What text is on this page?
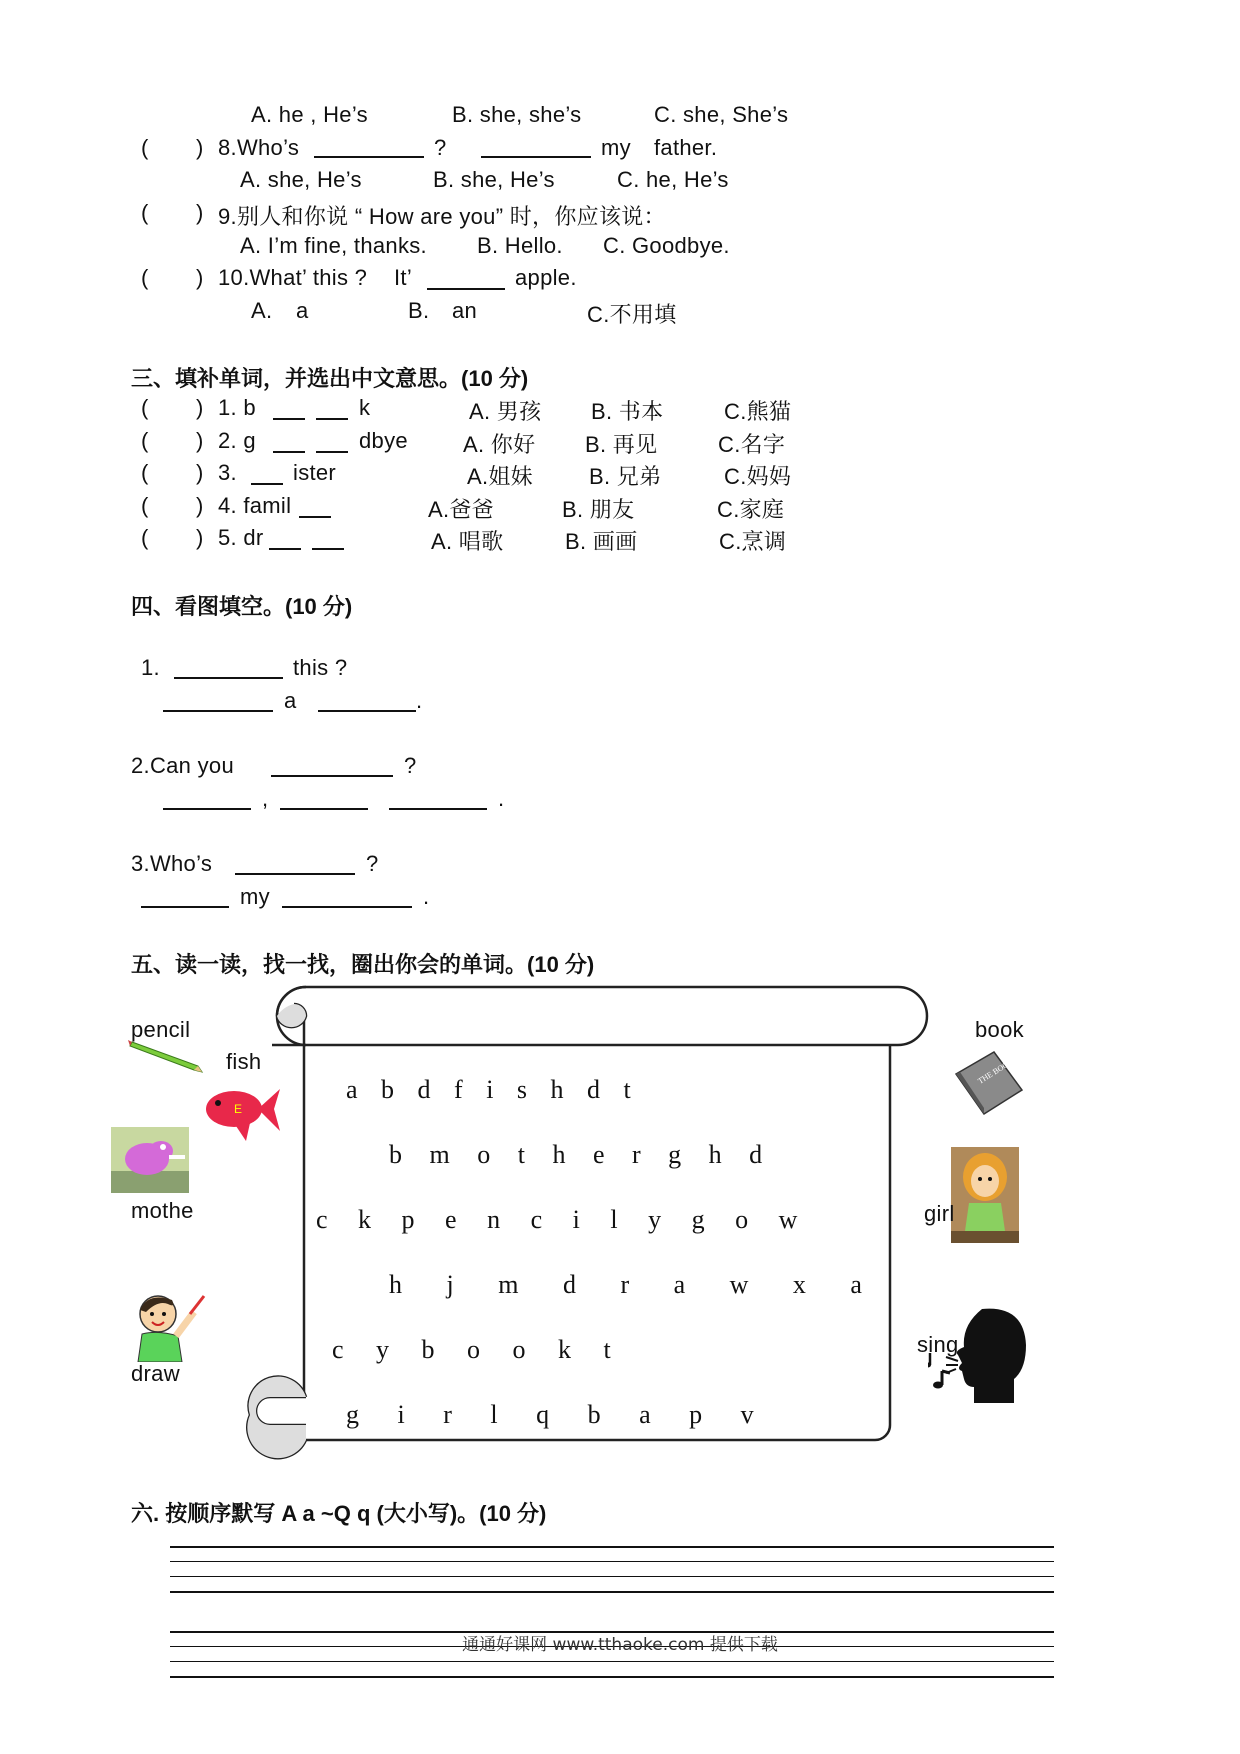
A. he , He’s	B. she, she’s	C. she, She’s
( ) 8.Who’s	?	my father.
A. she, He’s	B. she, He’s	C. he, He’s
( ) 9.别人和你说 “ How are you” 时，你应该说：
A. I’m fine, thanks. B. Hello. C. Goodbye.
( ) 10.What’ this ? It’	apple.
A. a	B. an	C.不用填
三、填补单词，并选出中文意思。(10 分)
( ) 1. b	k	A. 男孩 B. 书本	C.熊猫
( ) 2. g	dbye	A. 你好 B. 再见	C.名字
( ) 3.	ister	A.姐妹	B. 兄弟	C.妈妈
( ) 4. famil	A.爸爸	B. 朋友	C.家庭
( ) 5. dr	A. 唱歌	B. 画画	C.烹调
四、看图填空。(10 分)
1.	this ?
a	.
2.Can you	?
,	.
3.Who’s	?
my	.
五、读一读，找一找，圈出你会的单词。(10 分)
a b d f i s h d t
b m o t h e r g h d
c k p e n c i l y g o w
h j m d r a w x a
c y b o o k t
g i r l q b a p v
pencil
fish
E
mothe
draw
book
THE BOOK
girl
sing
六. 按顺序默写 A a ~Q q (大小写)。(10 分)
通通好课网 www.tthaoke.com 提供下载
